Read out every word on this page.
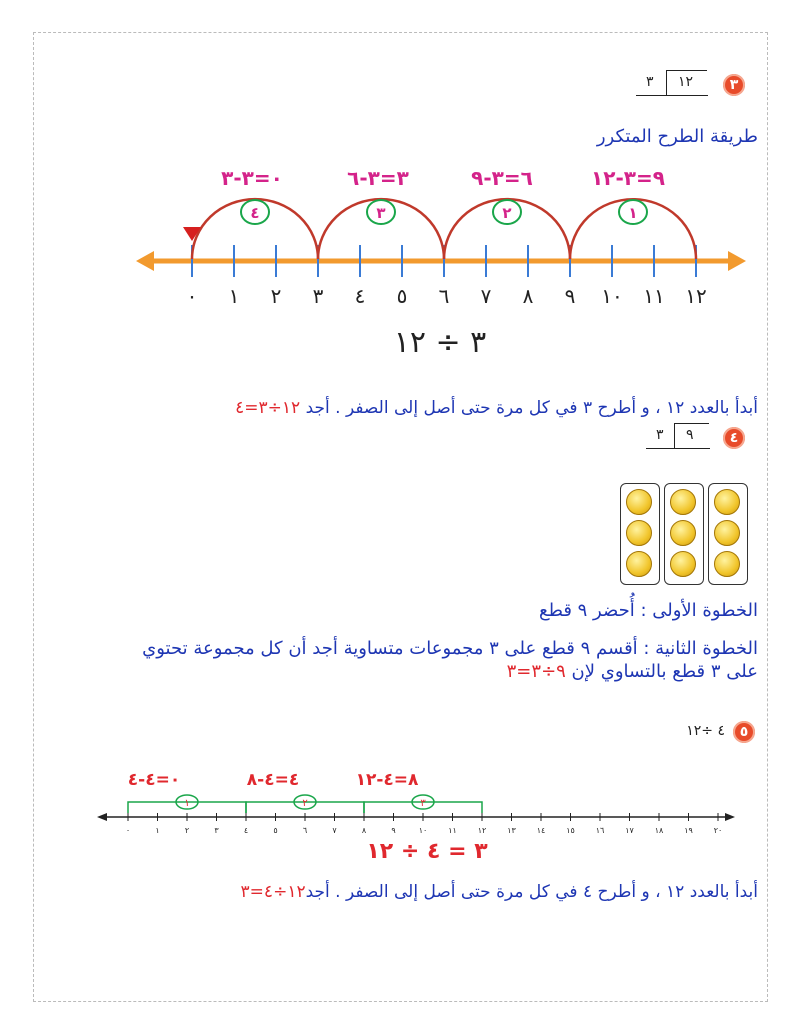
٣
٣ ١٢
طريقة الطرح المتكرر
٠ ١ ٢ ٣ ٤ ٥ ٦ ٧ ٨ ٩ ١٠ ١١ ١٢
١
٢
٣
٤
٠=٣-٣	٣=٣-٦	٦=٣-٩	٩=٣-١٢
٣ ÷ ١٢
أبدأ بالعدد ١٢ ، و أطرح ٣ في كل مرة حتى أصل إلى الصفر . أجد ١٢÷٣=٤
٤
٣ ٩
الخطوة الأولى : أُحضر ٩ قطع
الخطوة الثانية : أقسم ٩ قطع على ٣ مجموعات متساوية أجد أن كل مجموعة تحتوي
على ٣ قطع بالتساوي لإن ٩÷٣=٣
٥
٤ ÷١٢
٠	١	٢	٣	٤	٥	٦	٧	٨	٩	١٠	١١	١٢	١٣	١٤	١٥	١٦	١٧	١٨	١٩	٢٠
٣
٢
١
٠=٤-٤	٤=٤-٨	٨=٤-١٢
٣ = ٤ ÷ ١٢
أبدأ بالعدد ١٢ ، و أطرح ٤ في كل مرة حتى أصل إلى الصفر . أجد١٢÷٤=٣
